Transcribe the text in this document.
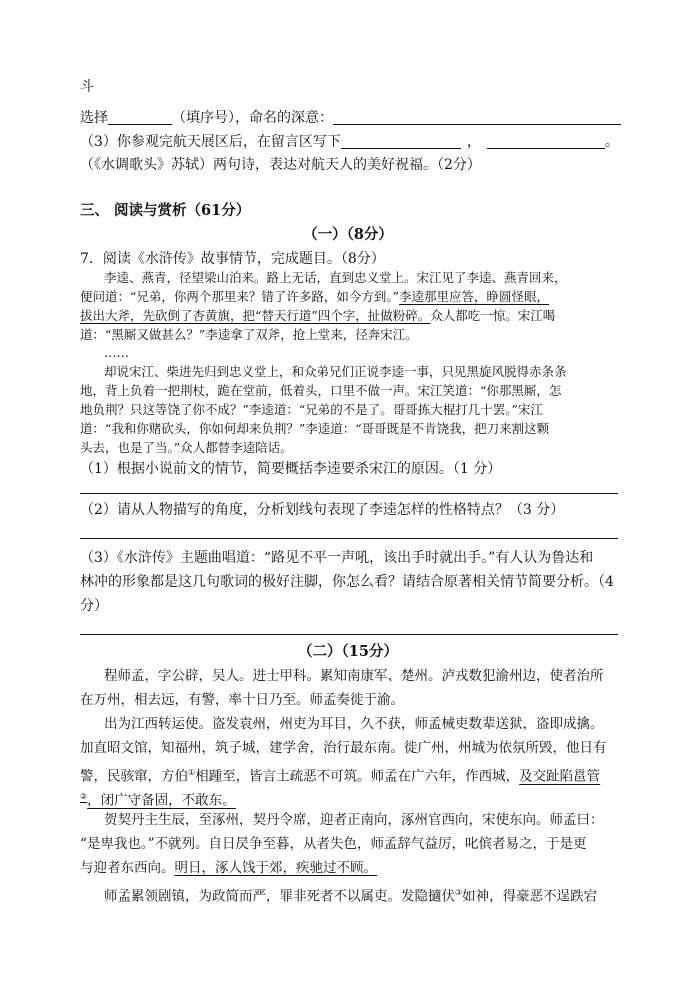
斗
选择	（填序号），命名的深意：
（3）你参观完航天展区后，在留言区写下	，	。
（《水调歌头》苏轼）两句诗，表达对航天人的美好祝福。（2分）
三、 阅读与赏析（61分）
（一）（8分）
7．阅读《水浒传》故事情节，完成题目。（8分）
李逵、燕青，径望梁山泊来。路上无话，直到忠义堂上。宋江见了李逵、燕青回来，
便问道：“兄弟，你两个那里来？错了许多路，如今方到。”李逵那里应答，睁圆怪眼，
拔出大斧，先砍倒了杏黄旗，把“替天行道”四个字，扯做粉碎。众人都吃一惊。宋江喝
道：“黑厮又做甚么？”李逵拿了双斧，抢上堂来，径奔宋江。
……
却说宋江、柴进先归到忠义堂上，和众弟兄们正说李逵一事，只见黑旋风脱得赤条条
地，背上负着一把荆杖，跪在堂前，低着头，口里不做一声。宋江笑道：“你那黑厮，怎
地负荆？只这等饶了你不成？”李逵道：“兄弟的不是了。哥哥拣大棍打几十罢。”宋江
道：“我和你赌砍头，你如何却来负荆？”李逵道：“哥哥既是不肯饶我，把刀来割这颗
头去，也是了当。”众人都替李逵陪话。
（1）根据小说前文的情节，简要概括李逵要杀宋江的原因。（1 分）
（2）请从人物描写的角度，分析划线句表现了李逵怎样的性格特点？（3 分）
（3）《水浒传》主题曲唱道：“路见不平一声吼，该出手时就出手。”有人认为鲁达和
林冲的形象都是这几句歌词的极好注脚，你怎么看？请结合原著相关情节简要分析。（4
分）
（二）（15分）
程师孟，字公辟，吴人。进士甲科。累知南康军、楚州。泸戎数犯渝州边，使者治所
在万州，相去远，有警，率十日乃至。师孟奏徙于渝。
出为江西转运使。盗发袁州，州吏为耳目，久不获，师孟械吏数辈送狱，盗即成擒。
加直昭文馆，知福州，筑子城，建学舍，治行最东南。徙广州，州城为依氛所毁，他日有
警，民骇窜，方伯①相踵至，皆言土疏恶不可筑。师孟在广六年，作西城，及交趾陷邕管
②，闭广守备固，不敢东。
贺契丹主生辰，至涿州，契丹令席，迎者正南向，涿州官西向，宋使东向。师孟曰：
“是卑我也。”不就列。自日昃争至暮，从者失色，师孟辞气益厉，叱傧者易之，于是更
与迎者东西向。明日，涿人饯于郊，疾驰过不顾。
师孟累领剧镇，为政简而严，罪非死者不以属吏。发隐擿伏③如神，得豪恶不逞跌宕
